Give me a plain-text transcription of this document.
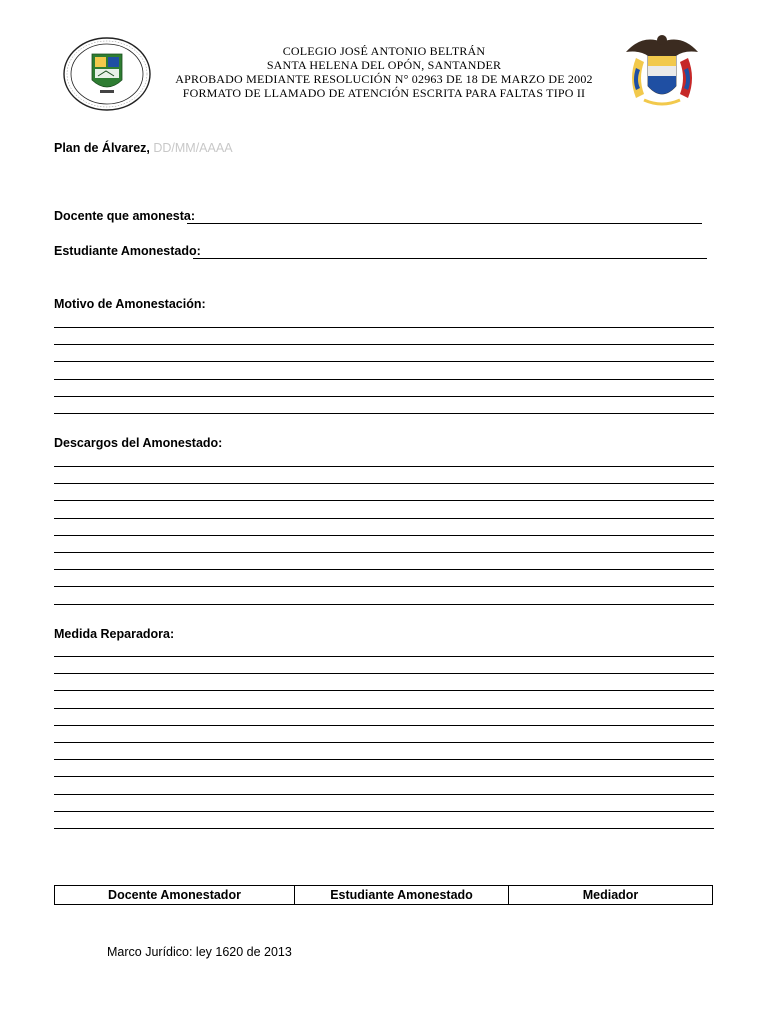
COLEGIO JOSÉ ANTONIO BELTRÁN
SANTA HELENA DEL OPÓN, SANTANDER
APROBADO MEDIANTE RESOLUCIÓN N° 02963 DE 18 DE MARZO DE 2002
FORMATO DE LLAMADO DE ATENCIÓN ESCRITA PARA FALTAS TIPO II
Plan de Álvarez, DD/MM/AAAA
Docente que amonesta:
Estudiante Amonestado:
Motivo de Amonestación:
Descargos del Amonestado:
Medida Reparadora:
Docente Amonestador	Estudiante Amonestado	Mediador
Marco Jurídico: ley 1620 de 2013
